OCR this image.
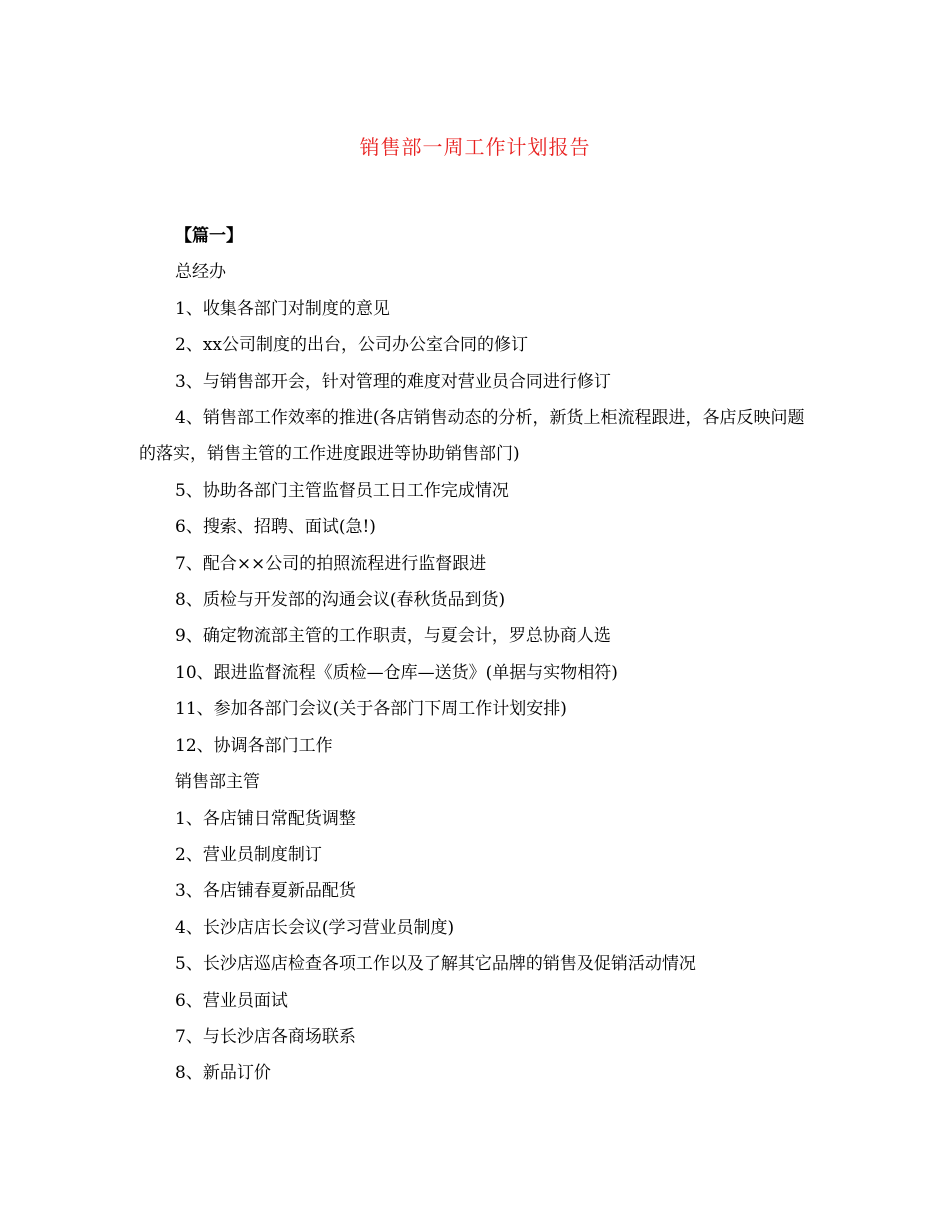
销售部一周工作计划报告

【篇一】

总经办

1、收集各部门对制度的意见

2、xx公司制度的出台，公司办公室合同的修订

3、与销售部开会，针对管理的难度对营业员合同进行修订

4、销售部工作效率的推进(各店销售动态的分析，新货上柜流程跟进，各店反映问题的落实，销售主管的工作进度跟进等协助销售部门)

5、协助各部门主管监督员工日工作完成情况

6、搜索、招聘、面试(急!)

7、配合××公司的拍照流程进行监督跟进

8、质检与开发部的沟通会议(春秋货品到货)

9、确定物流部主管的工作职责，与夏会计，罗总协商人选

10、跟进监督流程《质检—仓库—送货》(单据与实物相符)

11、参加各部门会议(关于各部门下周工作计划安排)

12、协调各部门工作

销售部主管

1、各店铺日常配货调整

2、营业员制度制订

3、各店铺春夏新品配货

4、长沙店店长会议(学习营业员制度)

5、长沙店巡店检查各项工作以及了解其它品牌的销售及促销活动情况

6、营业员面试

7、与长沙店各商场联系

8、新品订价
